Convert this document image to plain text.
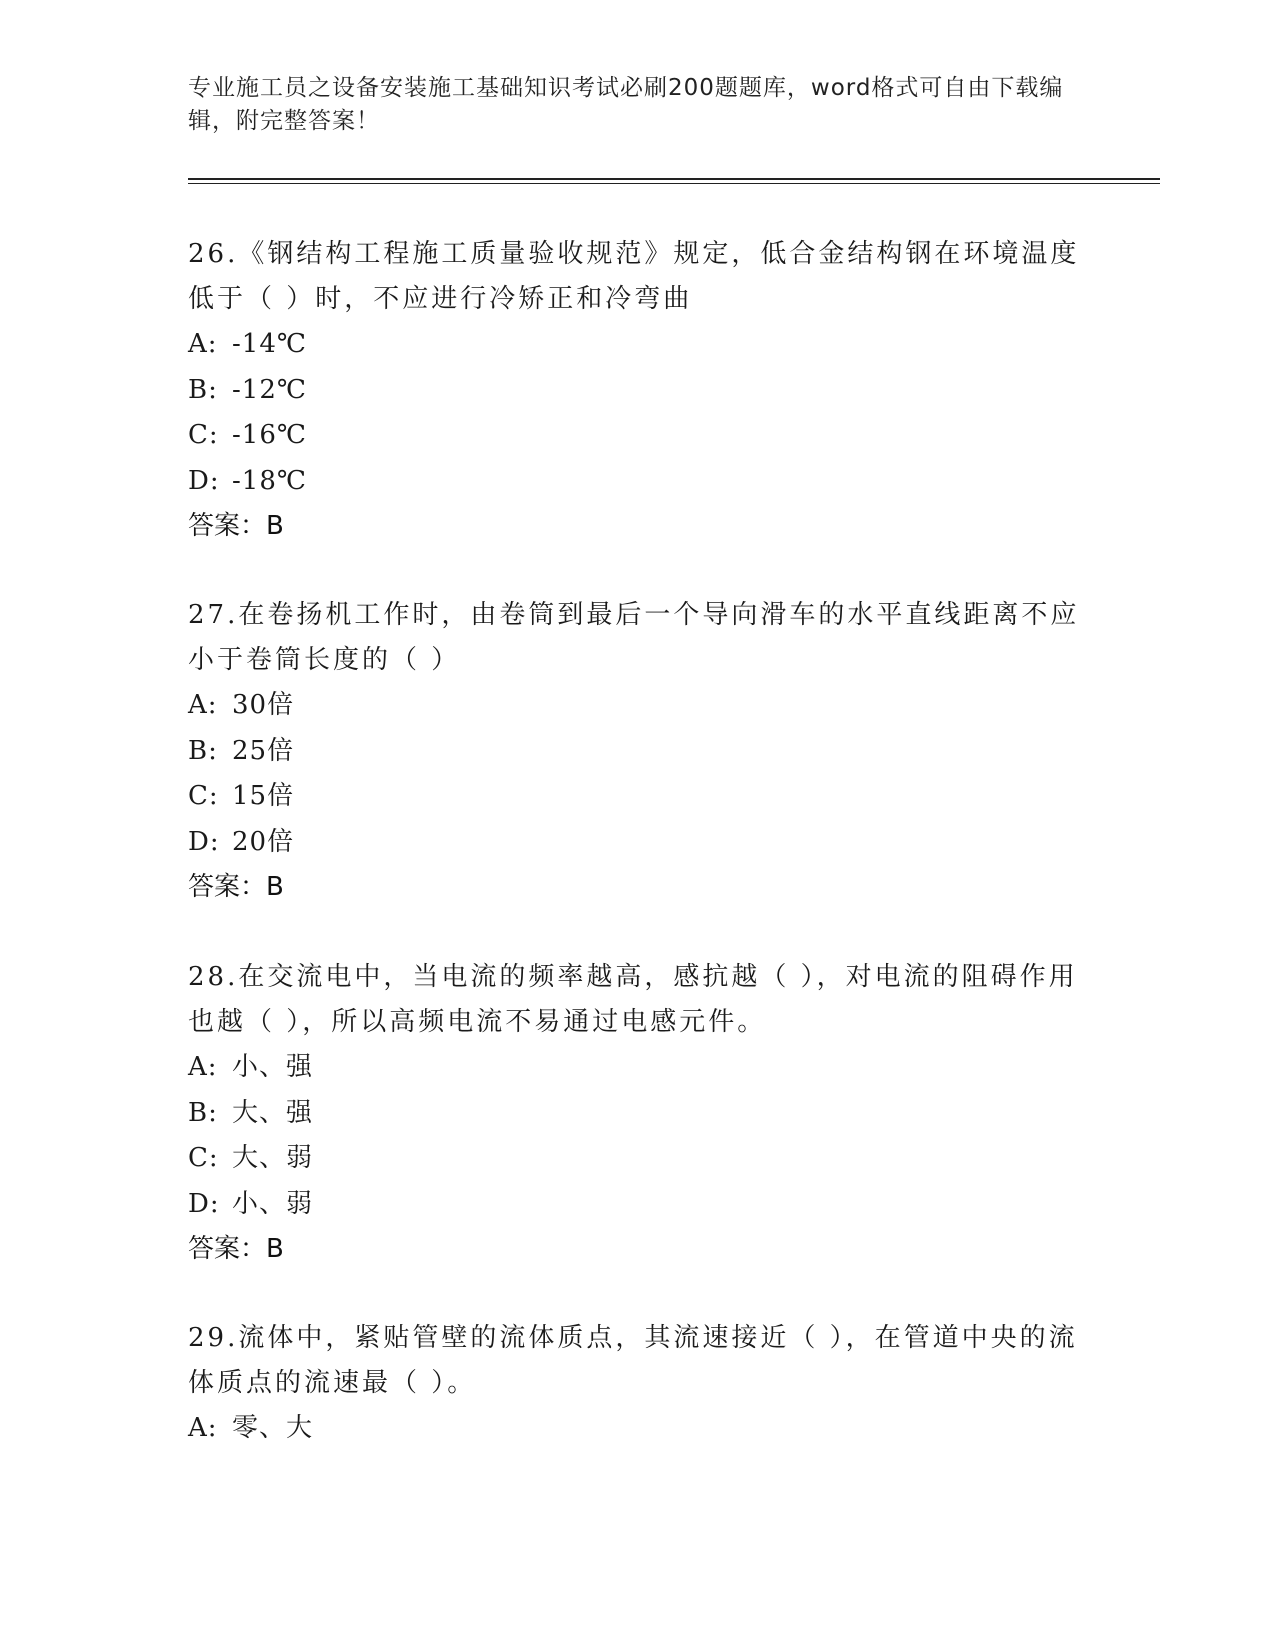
专业施工员之设备安装施工基础知识考试必刷200题题库，word格式可自由下载编辑，附完整答案！

26.《钢结构工程施工质量验收规范》规定，低合金结构钢在环境温度低于（ ）时，不应进行冷矫正和冷弯曲

A: -14℃

B: -12℃

C: -16℃

D: -18℃

答案：B

27.在卷扬机工作时，由卷筒到最后一个导向滑车的水平直线距离不应小于卷筒长度的（ ）

A: 30倍

B: 25倍

C: 15倍

D: 20倍

答案：B

28.在交流电中，当电流的频率越高，感抗越（ ），对电流的阻碍作用也越（ ），所以高频电流不易通过电感元件。

A: 小、强

B: 大、强

C: 大、弱

D: 小、弱

答案：B

29.流体中，紧贴管壁的流体质点，其流速接近（ ），在管道中央的流体质点的流速最（ ）。

A: 零、大
